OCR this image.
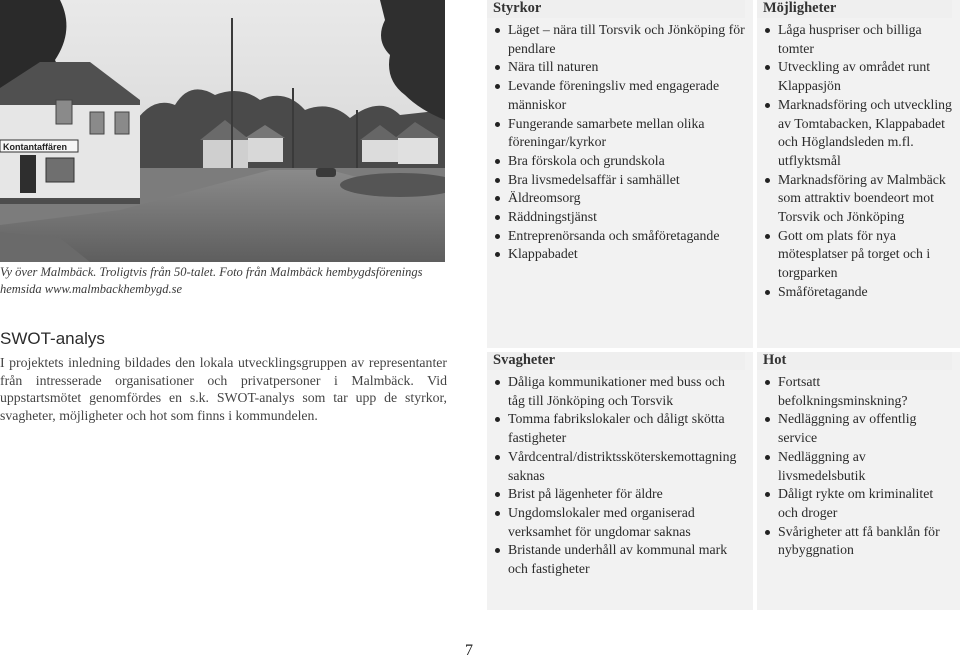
Kontantaffären
Vy över Malmbäck. Troligtvis från 50-talet. Foto från Malmbäck hembygdsförenings
hemsida www.malmbackhembygd.se
SWOT-analys

I projektets inledning bildades den lokala utvecklingsgruppen av representanter från intresserade organisationer och privatpersoner i Malmbäck. Vid uppstartsmötet genomfördes en s.k. SWOT-analys som tar upp de styrkor, svagheter, möjligheter och hot som finns i kommundelen.

Styrkor
Läget – nära till Torsvik och Jönköping för pendlare
Nära till naturen
Levande föreningsliv med engagerade människor
Fungerande samarbete mellan olika föreningar/kyrkor
Bra förskola och grundskola
Bra livsmedelsaffär i samhället
Äldreomsorg
Räddningstjänst
Entreprenörsanda och småföretagande
Klappabadet
Möjligheter
Låga huspriser och billiga tomter
Utveckling av området runt Klappasjön
Marknadsföring och utveckling av Tomtabacken, Klappabadet och Höglandsleden m.fl. utflyktsmål
Marknadsföring av Malmbäck som attraktiv boendeort mot Torsvik och Jönköping
Gott om plats för nya mötesplatser på torget och i torgparken
Småföretagande
Svagheter
Dåliga kommunikationer med buss och tåg till Jönköping och Torsvik
Tomma fabrikslokaler och dåligt skötta fastigheter
Vårdcentral/distriktssköterskemottagning saknas
Brist på lägenheter för äldre
Ungdomslokaler med organiserad verksamhet för ungdomar saknas
Bristande underhåll av kommunal mark och fastigheter
Hot
Fortsatt befolkningsminskning?
Nedläggning av offentlig service
Nedläggning av livsmedelsbutik
Dåligt rykte om kriminalitet och droger
Svårigheter att få banklån för nybyggnation
7
